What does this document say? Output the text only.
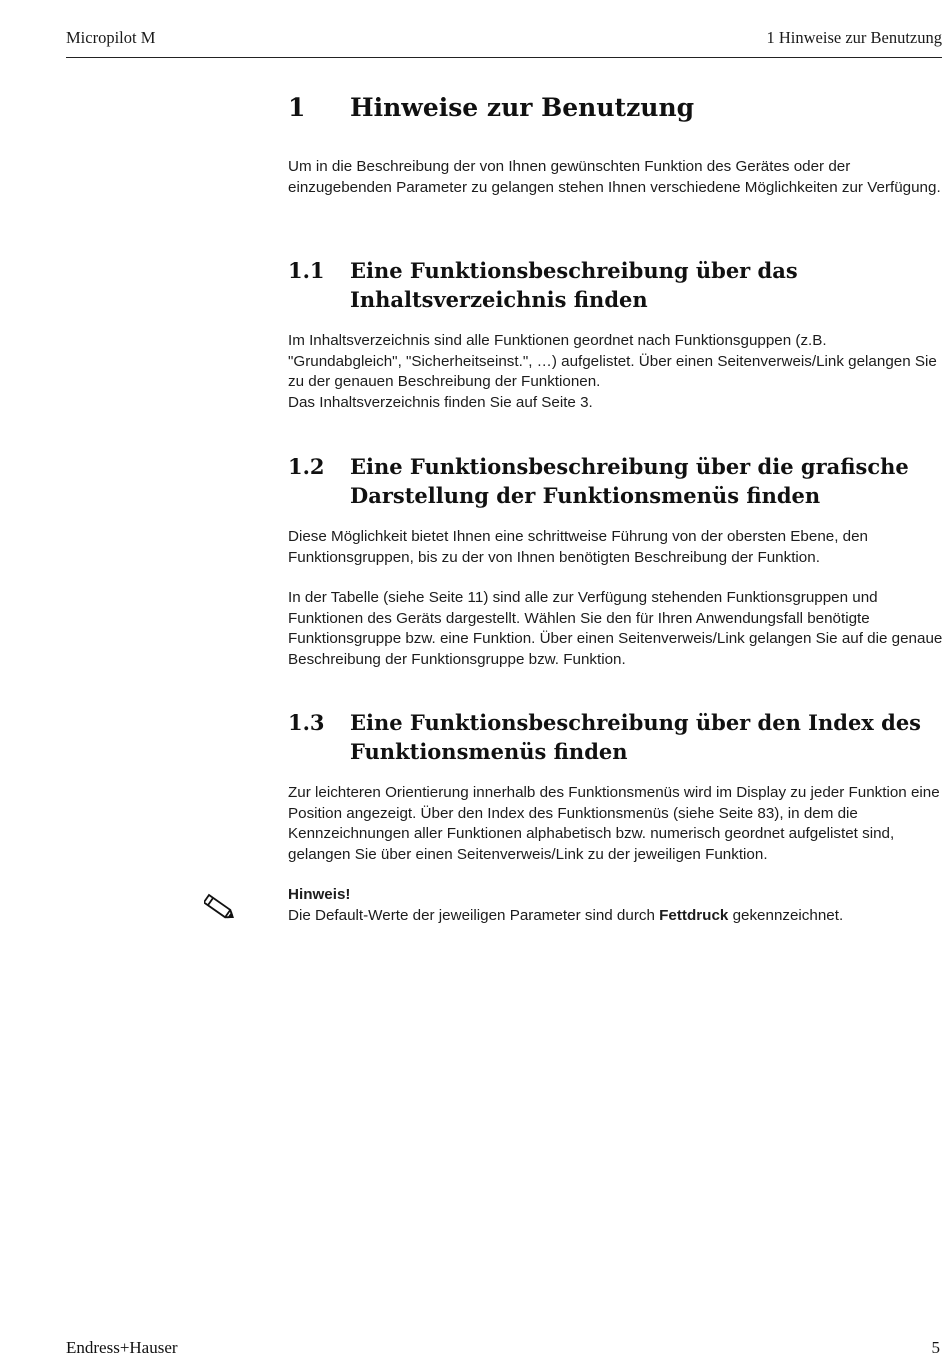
Micropilot M	1 Hinweise zur Benutzung
1 Hinweise zur Benutzung

Um in die Beschreibung der von Ihnen gewünschten Funktion des Gerätes oder der einzugebenden Parameter zu gelangen stehen Ihnen verschiedene Möglichkeiten zur Verfügung.

1.1 Eine Funktionsbeschreibung über das Inhaltsverzeichnis finden

Im Inhaltsverzeichnis sind alle Funktionen geordnet nach Funktionsguppen (z.B. "Grundabgleich", "Sicherheitseinst.", …) aufgelistet. Über einen Seitenverweis/Link gelangen Sie zu der genauen Beschreibung der Funktionen.

Das Inhaltsverzeichnis finden Sie auf Seite 3.

1.2 Eine Funktionsbeschreibung über die grafische Darstellung der Funktionsmenüs finden

Diese Möglichkeit bietet Ihnen eine schrittweise Führung von der obersten Ebene, den Funktionsgruppen, bis zu der von Ihnen benötigten Beschreibung der Funktion.

In der Tabelle (siehe Seite 11) sind alle zur Verfügung stehenden Funktionsgruppen und Funktionen des Geräts dargestellt. Wählen Sie den für Ihren Anwendungsfall benötigte Funktionsgruppe bzw. eine Funktion. Über einen Seitenverweis/Link gelangen Sie auf die genaue Beschreibung der Funktionsgruppe bzw. Funktion.

1.3 Eine Funktionsbeschreibung über den Index des Funktionsmenüs finden

Zur leichteren Orientierung innerhalb des Funktionsmenüs wird im Display zu jeder Funktion eine Position angezeigt. Über den Index des Funktionsmenüs (siehe Seite 83), in dem die Kennzeichnungen aller Funktionen alphabetisch bzw. numerisch geordnet aufgelistet sind, gelangen Sie über einen Seitenverweis/Link zu der jeweiligen Funktion.

Hinweis!
Die Default-Werte der jeweiligen Parameter sind durch Fettdruck gekennzeichnet.
Endress+Hauser	5
